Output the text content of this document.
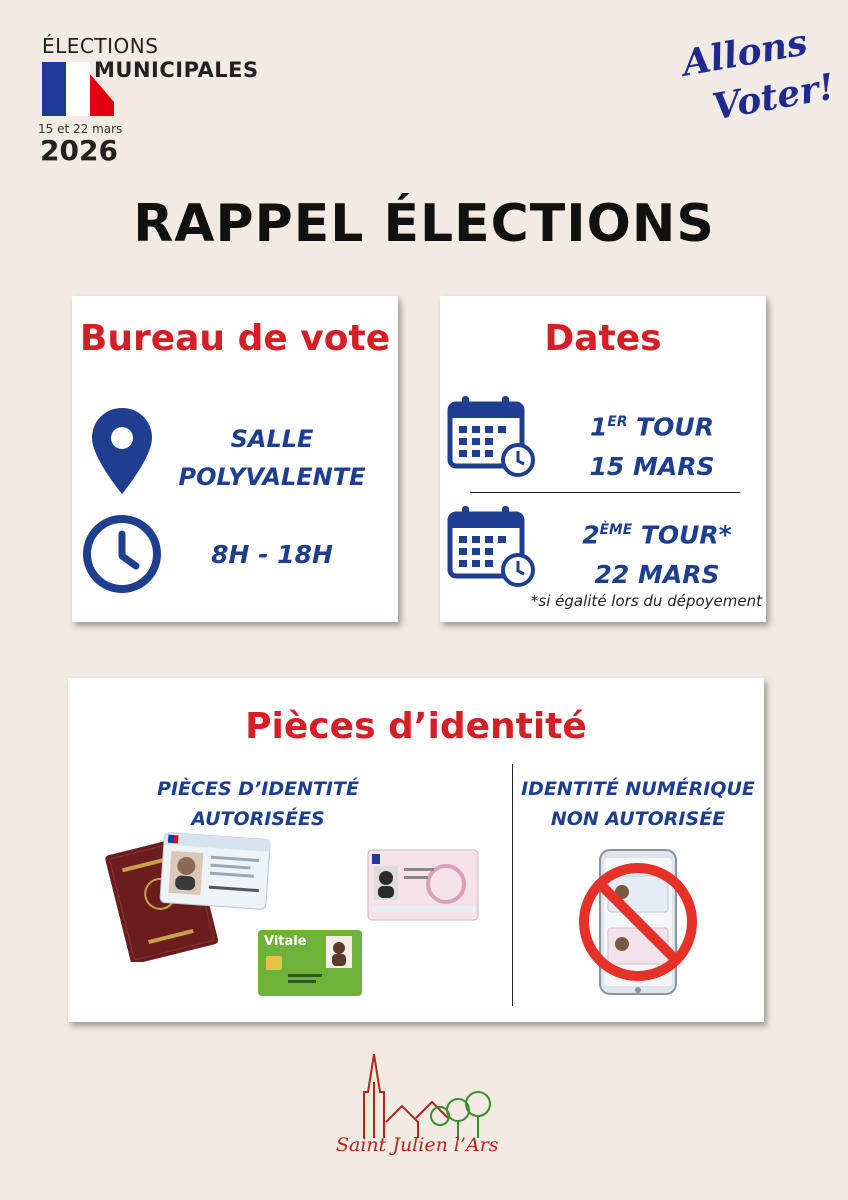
ÉLECTIONS
MUNICIPALES
15 et 22 mars
2026
Allons
Voter!
RAPPEL ÉLECTIONS
Bureau de vote
SALLE
POLYVALENTE
8H - 18H
Dates
1ER TOUR
15 MARS
2ÈME TOUR*
22 MARS
*si égalité lors du dépoyement
Pièces d’identité
PIÈCES D’IDENTITÉ
AUTORISÉES
IDENTITÉ NUMÉRIQUE
NON AUTORISÉE
Vitale
Saint Julien l’Ars
